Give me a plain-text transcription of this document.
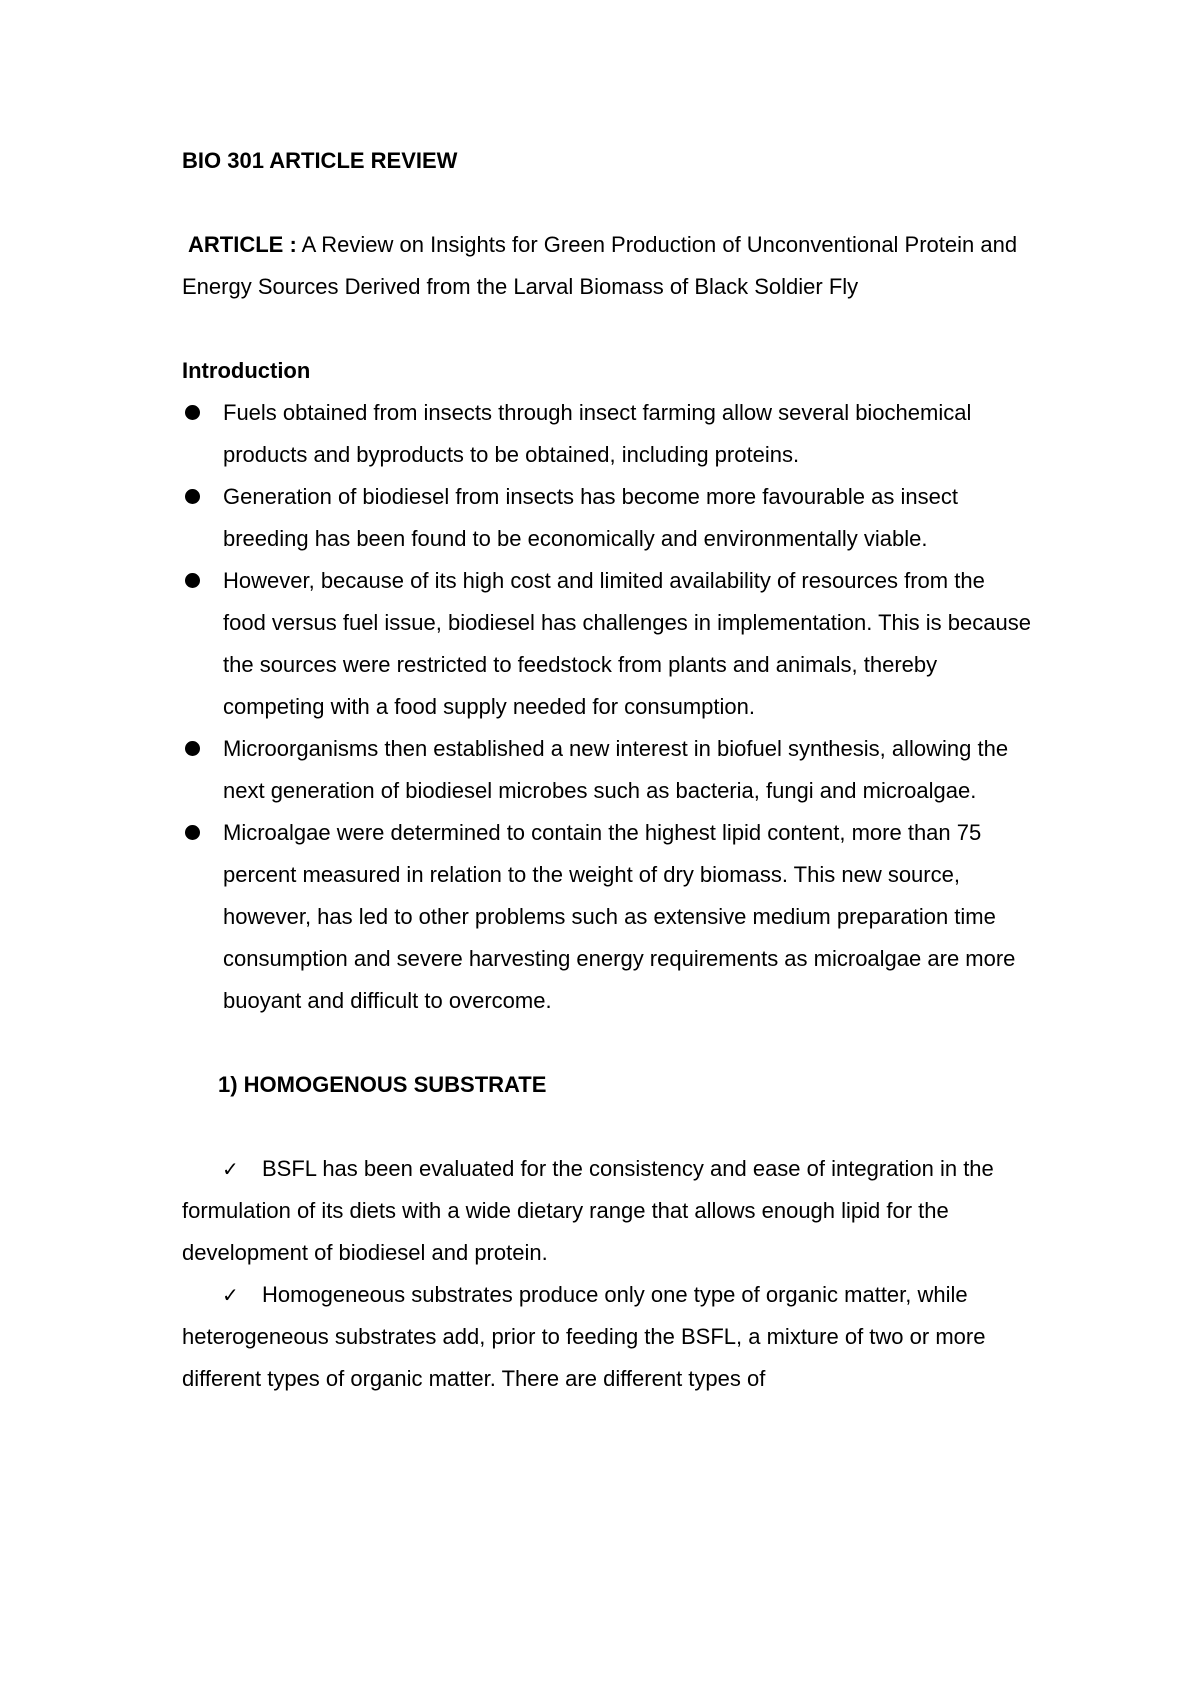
BIO 301 ARTICLE REVIEW

ARTICLE : A Review on Insights for Green Production of Unconventional Protein and Energy Sources Derived from the Larval Biomass of Black Soldier Fly

Introduction

Fuels obtained from insects through insect farming allow several biochemical products and byproducts to be obtained, including proteins.
Generation of biodiesel from insects has become more favourable as insect breeding has been found to be economically and environmentally viable.
However, because of its high cost and limited availability of resources from the food versus fuel issue, biodiesel has challenges in implementation. This is because the sources were restricted to feedstock from plants and animals, thereby competing with a food supply needed for consumption.
Microorganisms then established a new interest in biofuel synthesis, allowing the next generation of biodiesel microbes such as bacteria, fungi and microalgae.
Microalgae were determined to contain the highest lipid content, more than 75 percent measured in relation to the weight of dry biomass. This new source, however, has led to other problems such as extensive medium preparation time consumption and severe harvesting energy requirements as microalgae are more buoyant and difficult to overcome.

1) HOMOGENOUS SUBSTRATE

✓ BSFL has been evaluated for the consistency and ease of integration in the formulation of its diets with a wide dietary range that allows enough lipid for the development of biodiesel and protein.

✓ Homogeneous substrates produce only one type of organic matter, while heterogeneous substrates add, prior to feeding the BSFL, a mixture of two or more different types of organic matter. There are different types of
